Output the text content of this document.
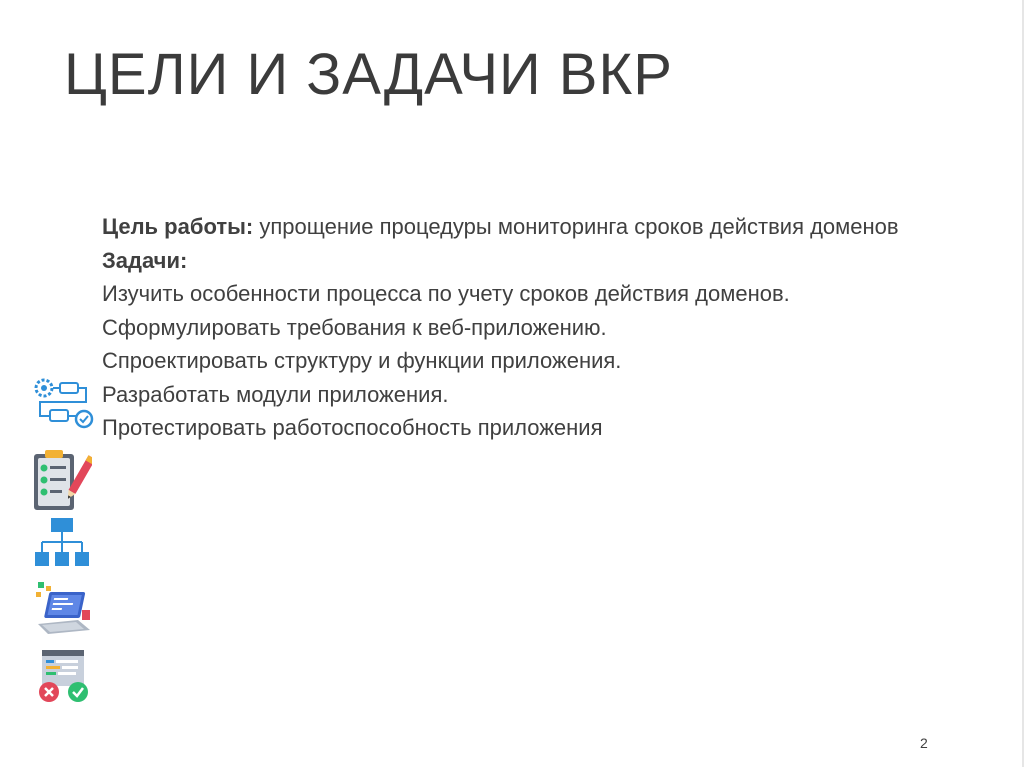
ЦЕЛИ И ЗАДАЧИ ВКР

Цель работы: упрощение процедуры мониторинга сроков действия доменов

Задачи:

Изучить особенности процесса по учету сроков действия доменов.

Сформулировать требования к веб-приложению.

Спроектировать структуру и функции приложения.

Разработать модули приложения.

Протестировать работоспособность приложения

2
